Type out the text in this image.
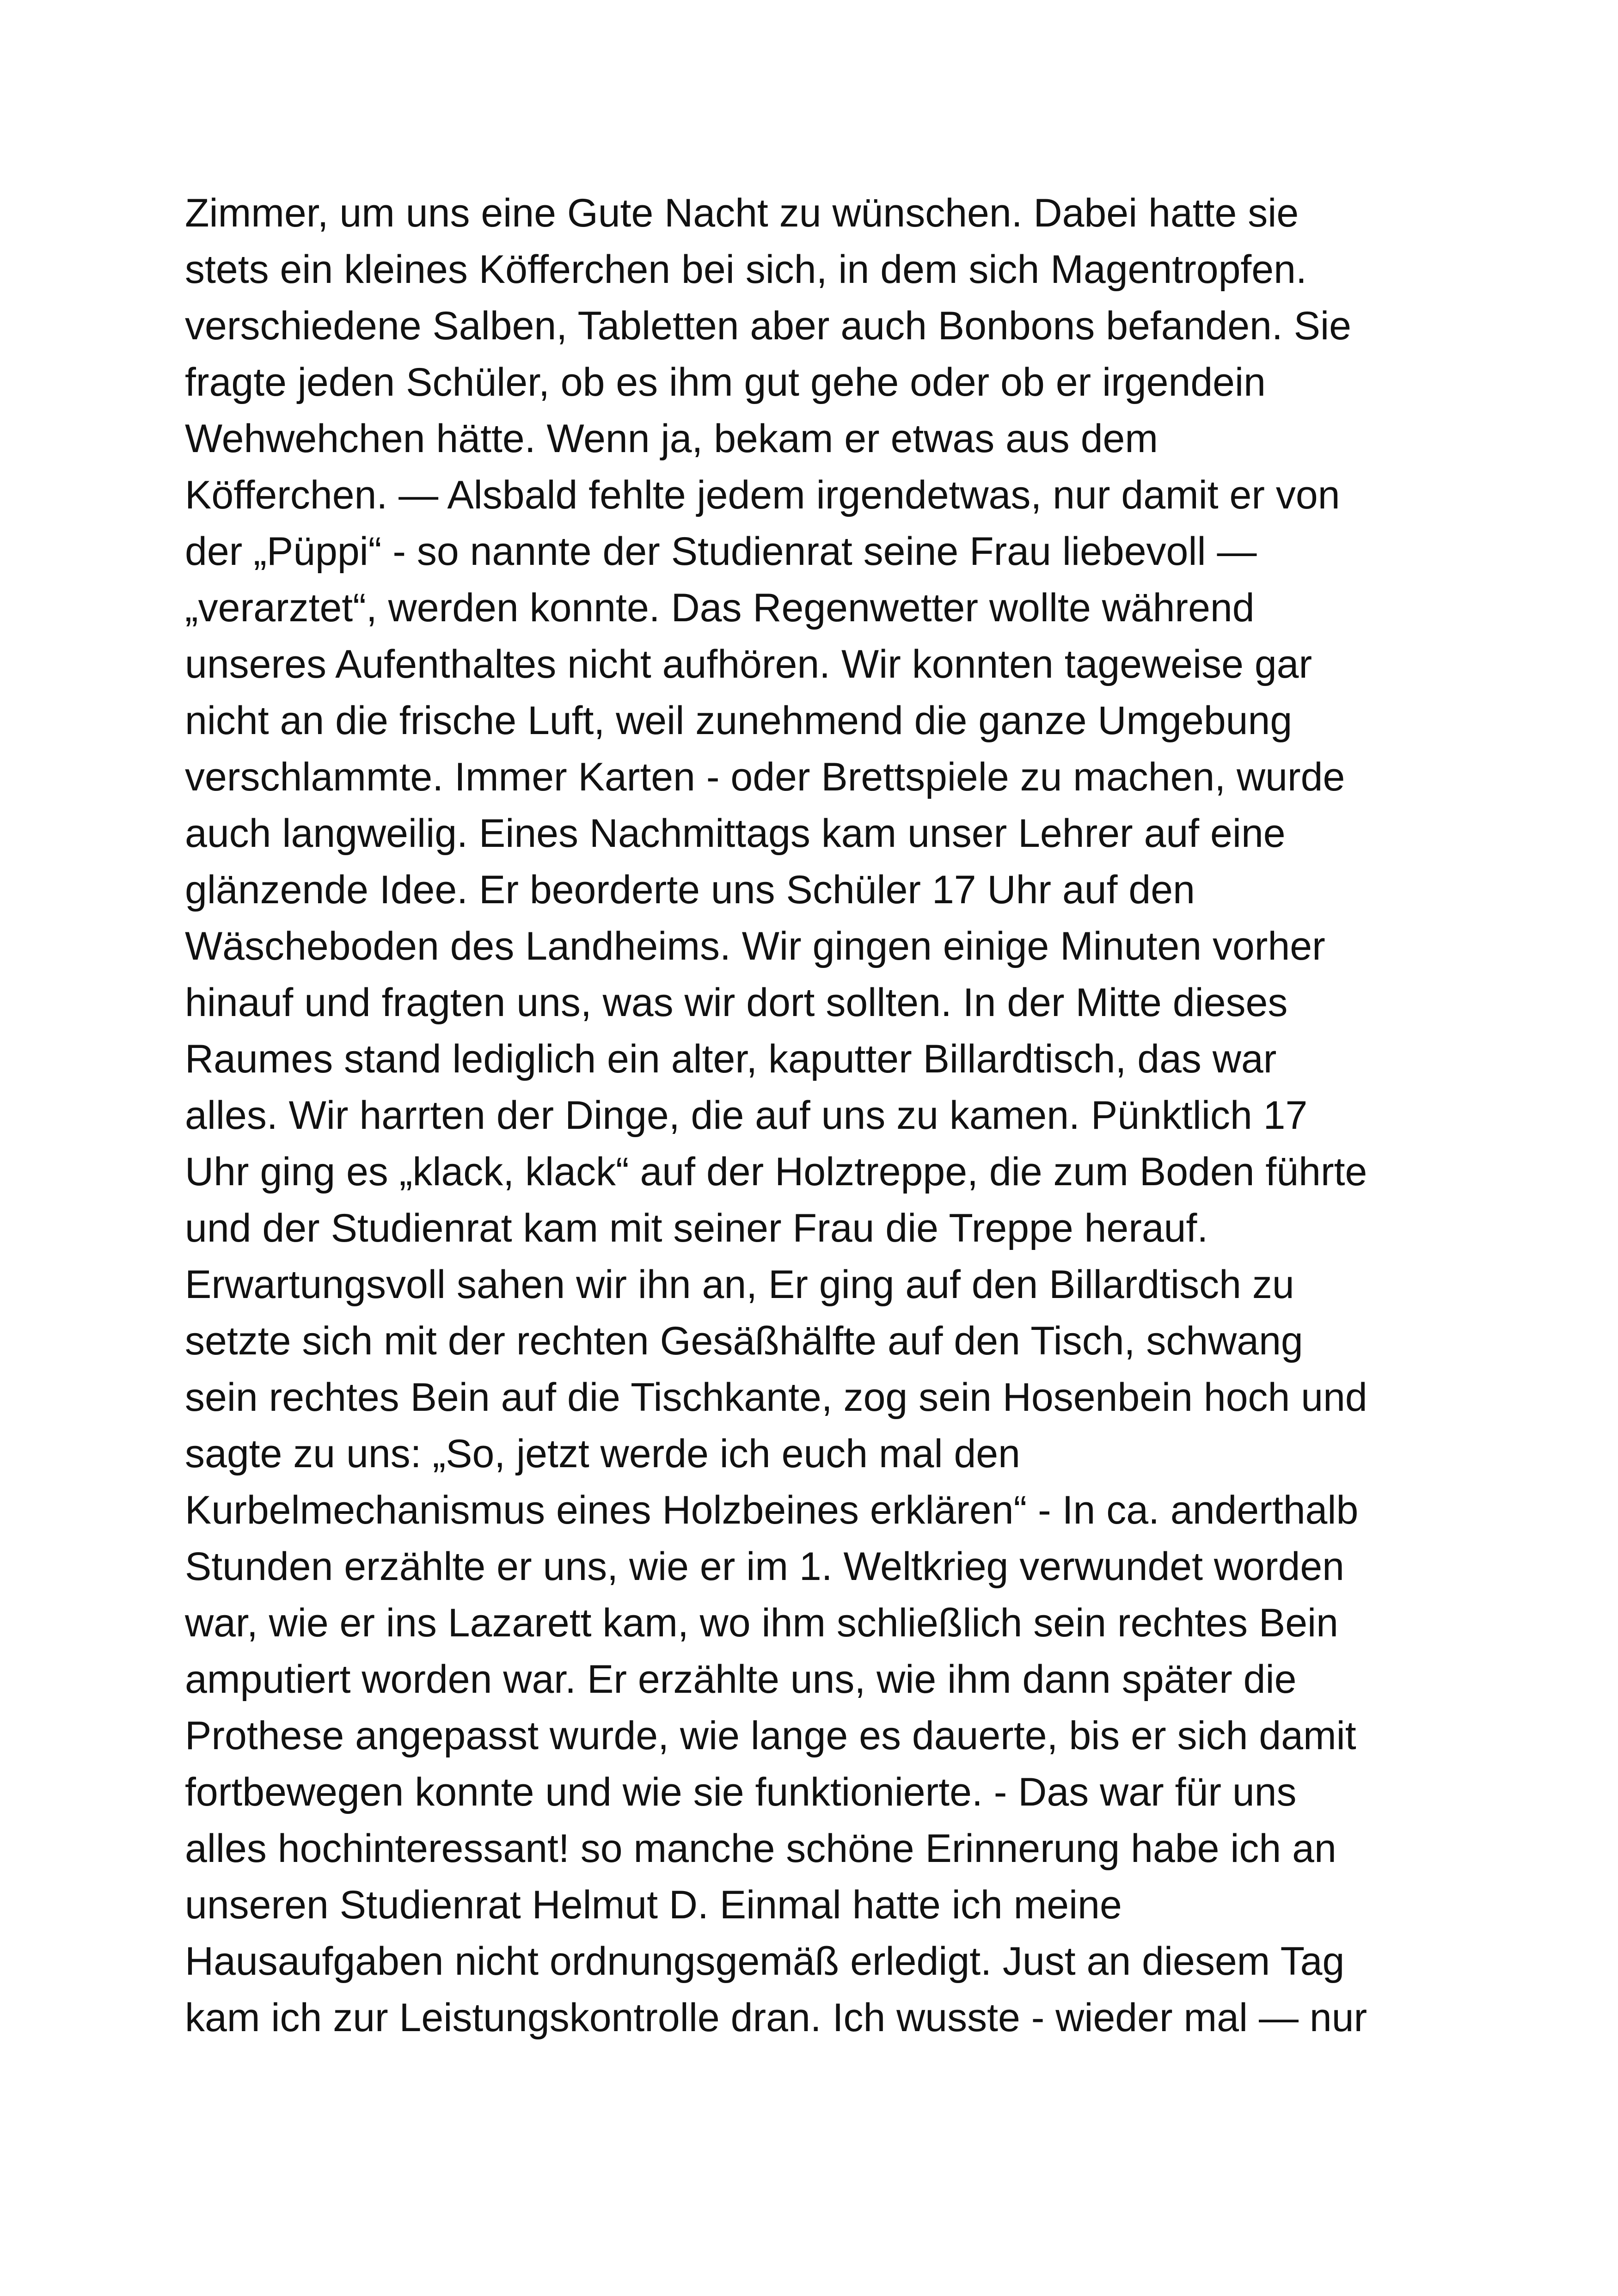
Zimmer, um uns eine Gute Nacht zu wünschen. Dabei hatte sie
stets ein kleines Köfferchen bei sich, in dem sich Magentropfen.
verschiedene Salben, Tabletten aber auch Bonbons befanden. Sie
fragte jeden Schüler, ob es ihm gut gehe oder ob er irgendein
Wehwehchen hätte. Wenn ja, bekam er etwas aus dem
Köfferchen. — Alsbald fehlte jedem irgendetwas, nur damit er von
der „Püppi“ - so nannte der Studienrat seine Frau liebevoll —
„verarztet“, werden konnte. Das Regenwetter wollte während
unseres Aufenthaltes nicht aufhören. Wir konnten tageweise gar
nicht an die frische Luft, weil zunehmend die ganze Umgebung
verschlammte. Immer Karten - oder Brettspiele zu machen, wurde
auch langweilig. Eines Nachmittags kam unser Lehrer auf eine
glänzende Idee. Er beorderte uns Schüler 17 Uhr auf den
Wäscheboden des Landheims. Wir gingen einige Minuten vorher
hinauf und fragten uns, was wir dort sollten. In der Mitte dieses
Raumes stand lediglich ein alter, kaputter Billardtisch, das war
alles. Wir harrten der Dinge, die auf uns zu kamen. Pünktlich 17
Uhr ging es „klack, klack“ auf der Holztreppe, die zum Boden führte
und der Studienrat kam mit seiner Frau die Treppe herauf.
Erwartungsvoll sahen wir ihn an, Er ging auf den Billardtisch zu
setzte sich mit der rechten Gesäßhälfte auf den Tisch, schwang
sein rechtes Bein auf die Tischkante, zog sein Hosenbein hoch und
sagte zu uns: „So, jetzt werde ich euch mal den
Kurbelmechanismus eines Holzbeines erklären“ - In ca. anderthalb
Stunden erzählte er uns, wie er im 1. Weltkrieg verwundet worden
war, wie er ins Lazarett kam, wo ihm schließlich sein rechtes Bein
amputiert worden war. Er erzählte uns, wie ihm dann später die
Prothese angepasst wurde, wie lange es dauerte, bis er sich damit
fortbewegen konnte und wie sie funktionierte. - Das war für uns
alles hochinteressant! so manche schöne Erinnerung habe ich an
unseren Studienrat Helmut D. Einmal hatte ich meine
Hausaufgaben nicht ordnungsgemäß erledigt. Just an diesem Tag
kam ich zur Leistungskontrolle dran. Ich wusste - wieder mal — nur
